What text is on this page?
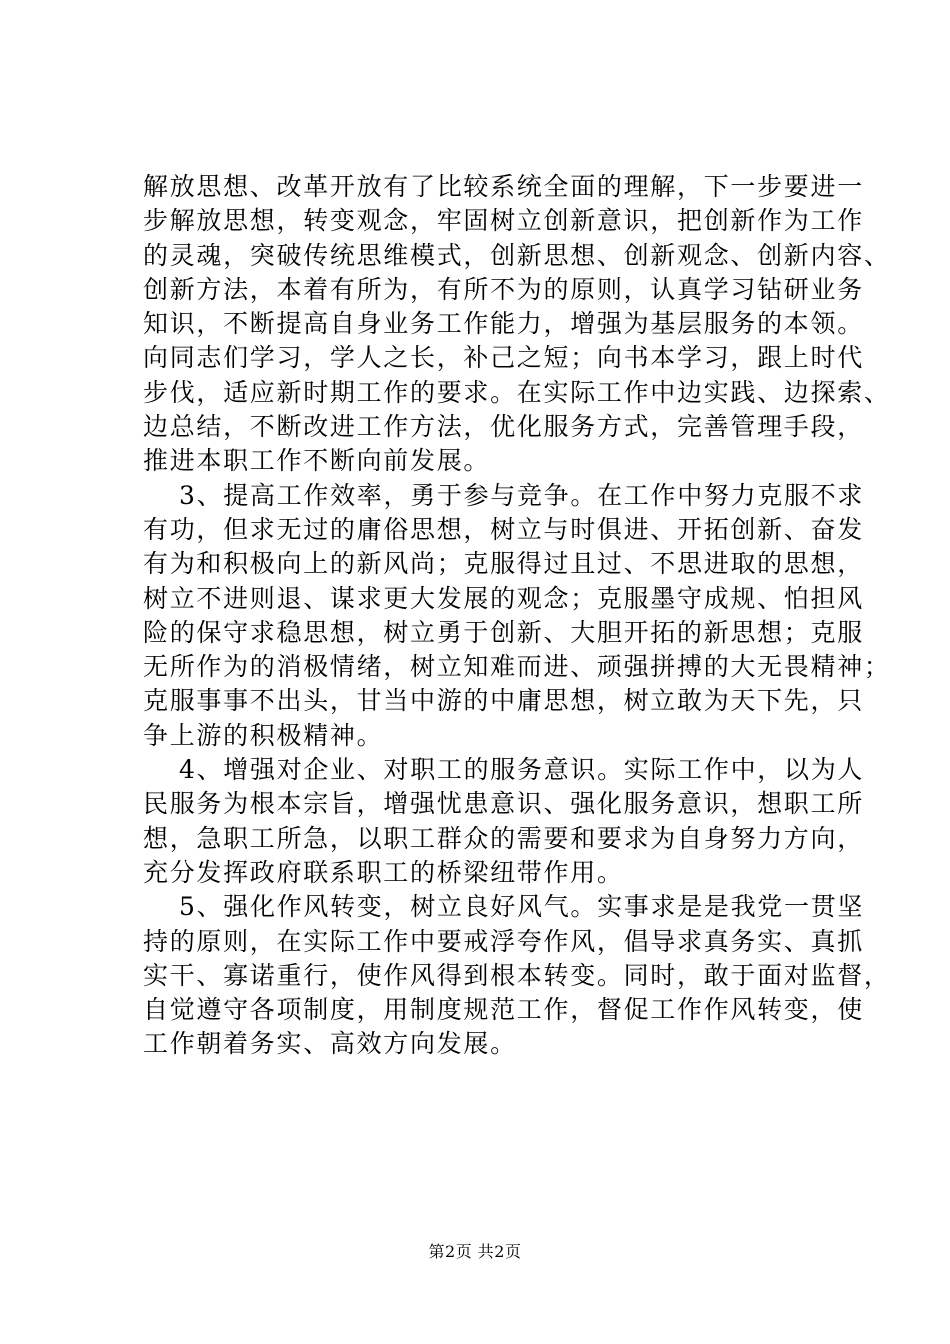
解放思想、改革开放有了比较系统全面的理解，下一步要进一
步解放思想，转变观念，牢固树立创新意识，把创新作为工作
的灵魂，突破传统思维模式，创新思想、创新观念、创新内容、
创新方法，本着有所为，有所不为的原则，认真学习钻研业务
知识，不断提高自身业务工作能力，增强为基层服务的本领。
向同志们学习，学人之长，补己之短；向书本学习，跟上时代
步伐，适应新时期工作的要求。在实际工作中边实践、边探索、
边总结，不断改进工作方法，优化服务方式，完善管理手段，
推进本职工作不断向前发展。
3、提高工作效率，勇于参与竞争。在工作中努力克服不求
有功，但求无过的庸俗思想，树立与时俱进、开拓创新、奋发
有为和积极向上的新风尚；克服得过且过、不思进取的思想，
树立不进则退、谋求更大发展的观念；克服墨守成规、怕担风
险的保守求稳思想，树立勇于创新、大胆开拓的新思想；克服
无所作为的消极情绪，树立知难而进、顽强拼搏的大无畏精神；
克服事事不出头，甘当中游的中庸思想，树立敢为天下先，只
争上游的积极精神。
4、增强对企业、对职工的服务意识。实际工作中，以为人
民服务为根本宗旨，增强忧患意识、强化服务意识，想职工所
想，急职工所急，以职工群众的需要和要求为自身努力方向，
充分发挥政府联系职工的桥梁纽带作用。
5、强化作风转变，树立良好风气。实事求是是我党一贯坚
持的原则，在实际工作中要戒浮夸作风，倡导求真务实、真抓
实干、寡诺重行，使作风得到根本转变。同时，敢于面对监督，
自觉遵守各项制度，用制度规范工作，督促工作作风转变，使
工作朝着务实、高效方向发展。
第2页 共2页
